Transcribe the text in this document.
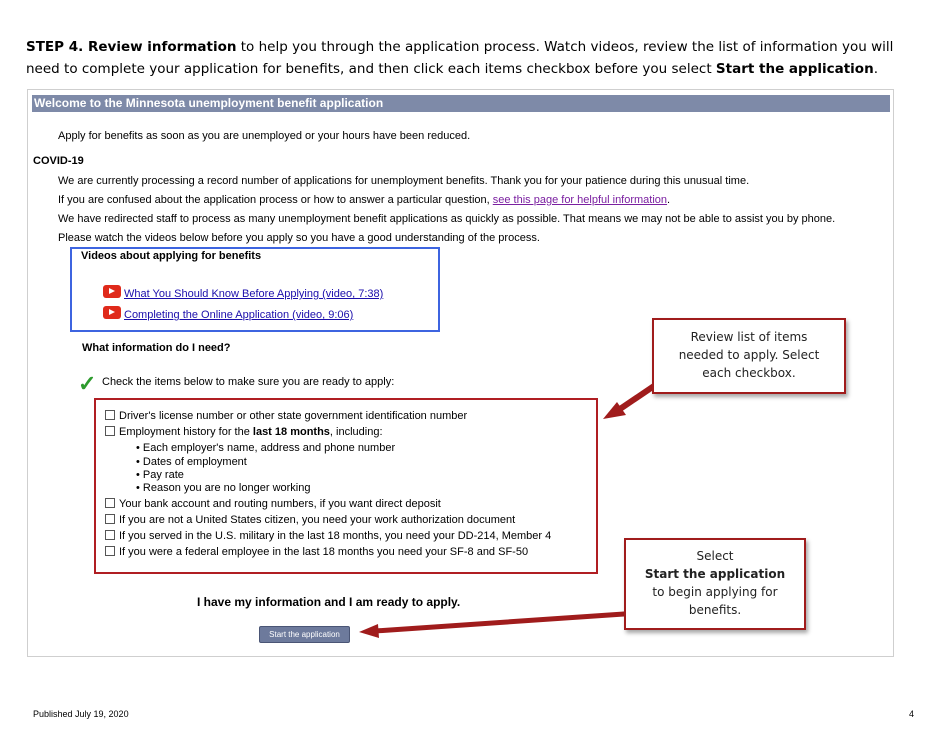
STEP 4. Review information to help you through the application process. Watch videos, review the list of information you will need to complete your application for benefits, and then click each items checkbox before you select Start the application.
Welcome to the Minnesota unemployment benefit application
Apply for benefits as soon as you are unemployed or your hours have been reduced.
COVID-19
We are currently processing a record number of applications for unemployment benefits. Thank you for your patience during this unusual time.
If you are confused about the application process or how to answer a particular question, see this page for helpful information.
We have redirected staff to process as many unemployment benefit applications as quickly as possible. That means we may not be able to assist you by phone.
Please watch the videos below before you apply so you have a good understanding of the process.
Videos about applying for benefits
What You Should Know Before Applying (video, 7:38)
Completing the Online Application (video, 9:06)
What information do I need?
✓ Check the items below to make sure you are ready to apply:
Driver's license number or other state government identification number
Employment history for the last 18 months, including:
• Each employer's name, address and phone number
• Dates of employment
• Pay rate
• Reason you are no longer working
Your bank account and routing numbers, if you want direct deposit
If you are not a United States citizen, you need your work authorization document
If you served in the U.S. military in the last 18 months, you need your DD-214, Member 4
If you were a federal employee in the last 18 months you need your SF-8 and SF-50
I have my information and I am ready to apply.
Start the application
Review list of items needed to apply. Select each checkbox.
Select
Start the application
to begin applying for benefits.
Published July 19, 2020	4
